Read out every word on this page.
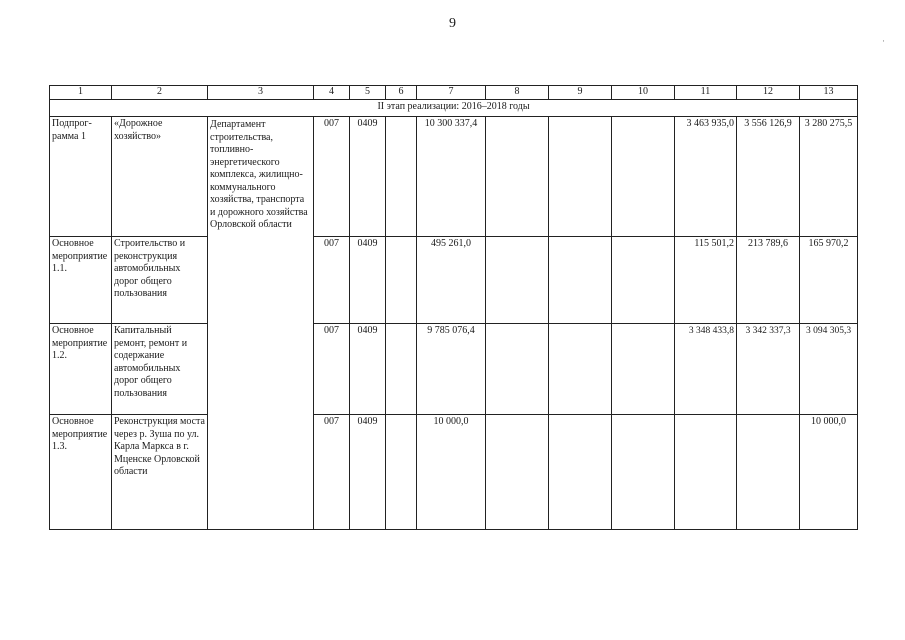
9
·
1	2	3	4	5	6	7	8	9	10	11	12	13
II этап реализации: 2016–2018 годы												
Подпрог-рамма 1	«Дорожное хозяйство»	Департамент строительства, топливно-энергетического комплекса, жилищно-коммунального хозяйства, транспорта и дорожного хозяйства Орловской области	007	0409		10 300 337,4				3 463 935,0	3 556 126,9	3 280 275,5
Основное мероприятие 1.1.	Строительство и реконструкция автомобильных дорог общего пользования		007	0409		495 261,0				115 501,2	213 789,6	165 970,2
Основное мероприятие 1.2.	Капитальный ремонт, ремонт и содержание автомобильных дорог общего пользования		007	0409		9 785 076,4				3 348 433,8	3 342 337,3	3 094 305,3
Основное мероприятие 1.3.	Реконструкция моста через р. Зуша по ул. Карла Маркса в г. Мценске Орловской области		007	0409		10 000,0						10 000,0
